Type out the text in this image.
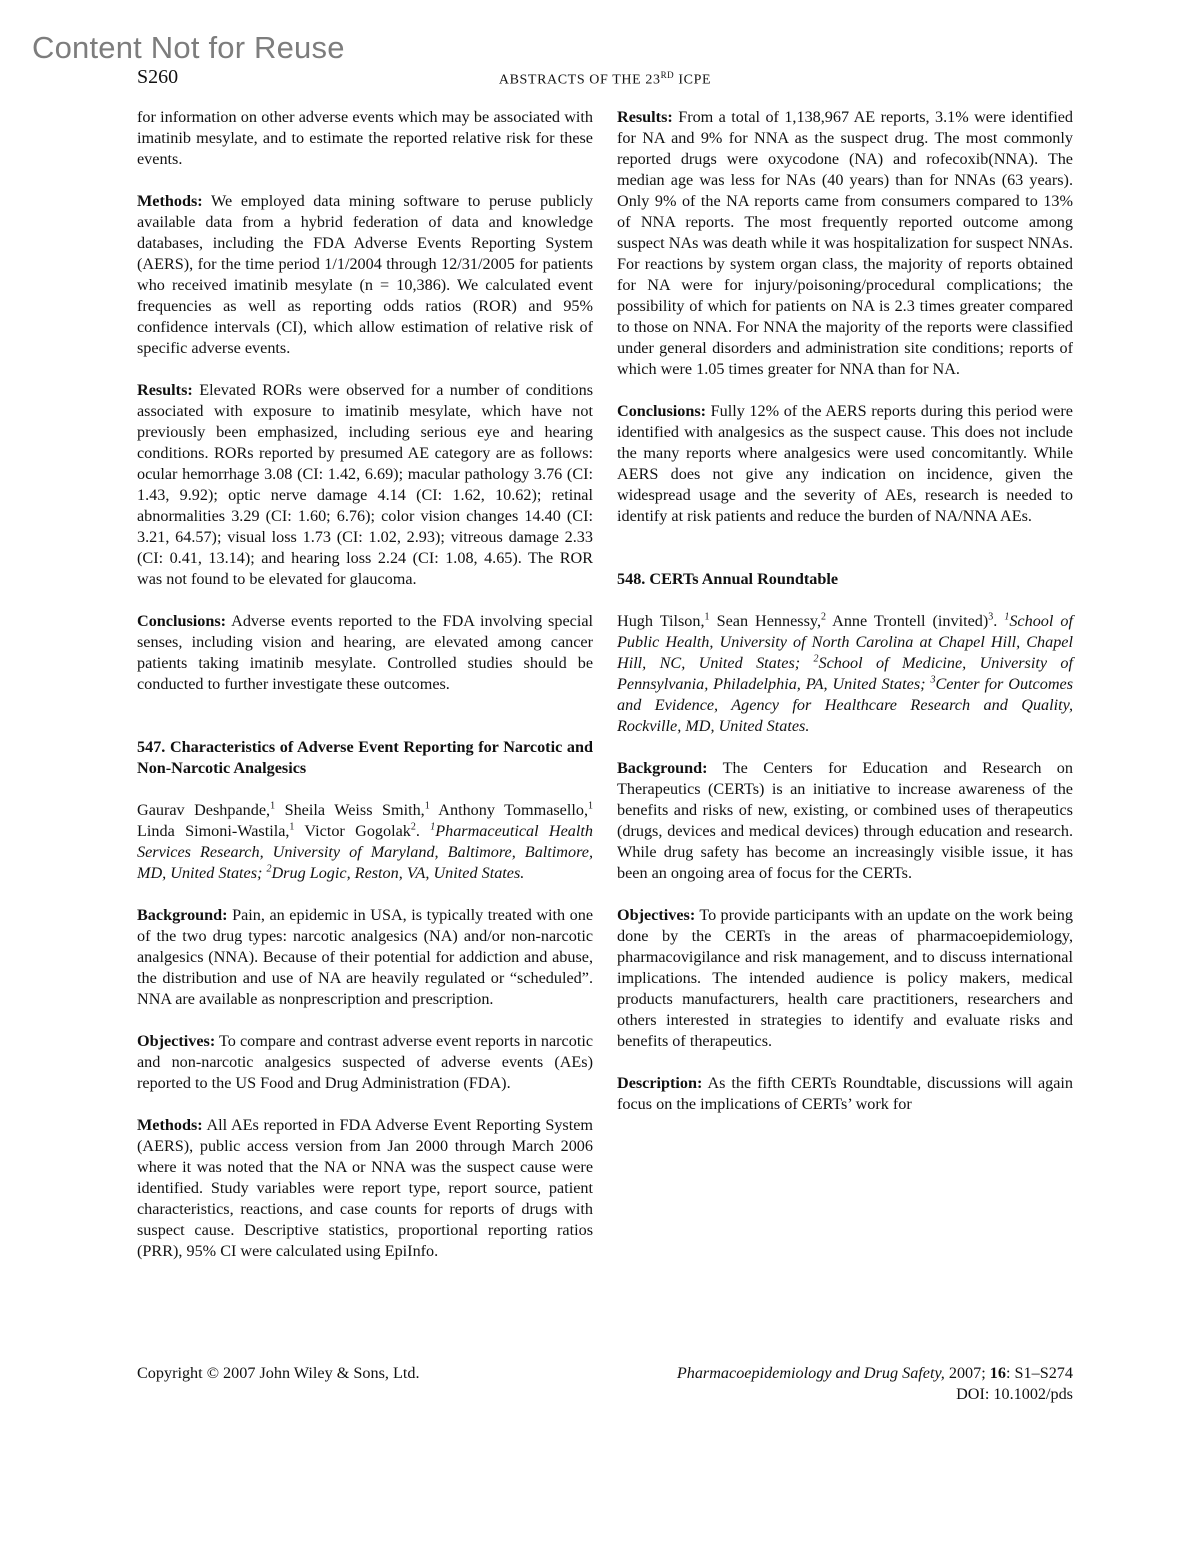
Content Not for Reuse
S260	ABSTRACTS OF THE 23RD ICPE

for information on other adverse events which may be associated with imatinib mesylate, and to estimate the reported relative risk for these events.

Methods: We employed data mining software to peruse publicly available data from a hybrid federation of data and knowledge databases, including the FDA Adverse Events Reporting System (AERS), for the time period 1/1/2004 through 12/31/2005 for patients who received imatinib mesylate (n = 10,386). We calculated event frequencies as well as reporting odds ratios (ROR) and 95% confidence intervals (CI), which allow estimation of relative risk of specific adverse events.

Results: Elevated RORs were observed for a number of conditions associated with exposure to imatinib mesylate, which have not previously been emphasized, including serious eye and hearing conditions. RORs reported by presumed AE category are as follows: ocular hemorrhage 3.08 (CI: 1.42, 6.69); macular pathology 3.76 (CI: 1.43, 9.92); optic nerve damage 4.14 (CI: 1.62, 10.62); retinal abnormalities 3.29 (CI: 1.60; 6.76); color vision changes 14.40 (CI: 3.21, 64.57); visual loss 1.73 (CI: 1.02, 2.93); vitreous damage 2.33 (CI: 0.41, 13.14); and hearing loss 2.24 (CI: 1.08, 4.65). The ROR was not found to be elevated for glaucoma.

Conclusions: Adverse events reported to the FDA involving special senses, including vision and hearing, are elevated among cancer patients taking imatinib mesylate. Controlled studies should be conducted to further investigate these outcomes.

547. Characteristics of Adverse Event Reporting for Narcotic and Non-Narcotic Analgesics

Gaurav Deshpande,$^1$ Sheila Weiss Smith,$^1$ Anthony Tommasello,$^1$ Linda Simoni-Wastila,$^1$ Victor Gogolak$^2$. $^1$Pharmaceutical Health Services Research, University of Maryland, Baltimore, Baltimore, MD, United States; $^2$Drug Logic, Reston, VA, United States.

Background: Pain, an epidemic in USA, is typically treated with one of the two drug types: narcotic analgesics (NA) and/or non-narcotic analgesics (NNA). Because of their potential for addiction and abuse, the distribution and use of NA are heavily regulated or “scheduled”. NNA are available as nonprescription and prescription.

Objectives: To compare and contrast adverse event reports in narcotic and non-narcotic analgesics suspected of adverse events (AEs) reported to the US Food and Drug Administration (FDA).

Methods: All AEs reported in FDA Adverse Event Reporting System (AERS), public access version from Jan 2000 through March 2006 where it was noted that the NA or NNA was the suspect cause were identified. Study variables were report type, report source, patient characteristics, reactions, and case counts for reports of drugs with suspect cause. Descriptive statistics, proportional reporting ratios (PRR), 95% CI were calculated using EpiInfo.

Results: From a total of 1,138,967 AE reports, 3.1% were identified for NA and 9% for NNA as the suspect drug. The most commonly reported drugs were oxycodone (NA) and rofecoxib(NNA). The median age was less for NAs (40 years) than for NNAs (63 years). Only 9% of the NA reports came from consumers compared to 13% of NNA reports. The most frequently reported outcome among suspect NAs was death while it was hospitalization for suspect NNAs. For reactions by system organ class, the majority of reports obtained for NA were for injury/poisoning/procedural complications; the possibility of which for patients on NA is 2.3 times greater compared to those on NNA. For NNA the majority of the reports were classified under general disorders and administration site conditions; reports of which were 1.05 times greater for NNA than for NA.

Conclusions: Fully 12% of the AERS reports during this period were identified with analgesics as the suspect cause. This does not include the many reports where analgesics were used concomitantly. While AERS does not give any indication on incidence, given the widespread usage and the severity of AEs, research is needed to identify at risk patients and reduce the burden of NA/NNA AEs.

548. CERTs Annual Roundtable

Hugh Tilson,$^1$ Sean Hennessy,$^2$ Anne Trontell (invited)$^3$. $^1$School of Public Health, University of North Carolina at Chapel Hill, Chapel Hill, NC, United States; $^2$School of Medicine, University of Pennsylvania, Philadelphia, PA, United States; $^3$Center for Outcomes and Evidence, Agency for Healthcare Research and Quality, Rockville, MD, United States.

Background: The Centers for Education and Research on Therapeutics (CERTs) is an initiative to increase awareness of the benefits and risks of new, existing, or combined uses of therapeutics (drugs, devices and medical devices) through education and research. While drug safety has become an increasingly visible issue, it has been an ongoing area of focus for the CERTs.

Objectives: To provide participants with an update on the work being done by the CERTs in the areas of pharmacoepidemiology, pharmacovigilance and risk management, and to discuss international implications. The intended audience is policy makers, medical products manufacturers, health care practitioners, researchers and others interested in strategies to identify and evaluate risks and benefits of therapeutics.

Description: As the fifth CERTs Roundtable, discussions will again focus on the implications of CERTs’ work for

Copyright © 2007 John Wiley & Sons, Ltd.	Pharmacoepidemiology and Drug Safety, 2007; 16: S1–S274
DOI: 10.1002/pds
